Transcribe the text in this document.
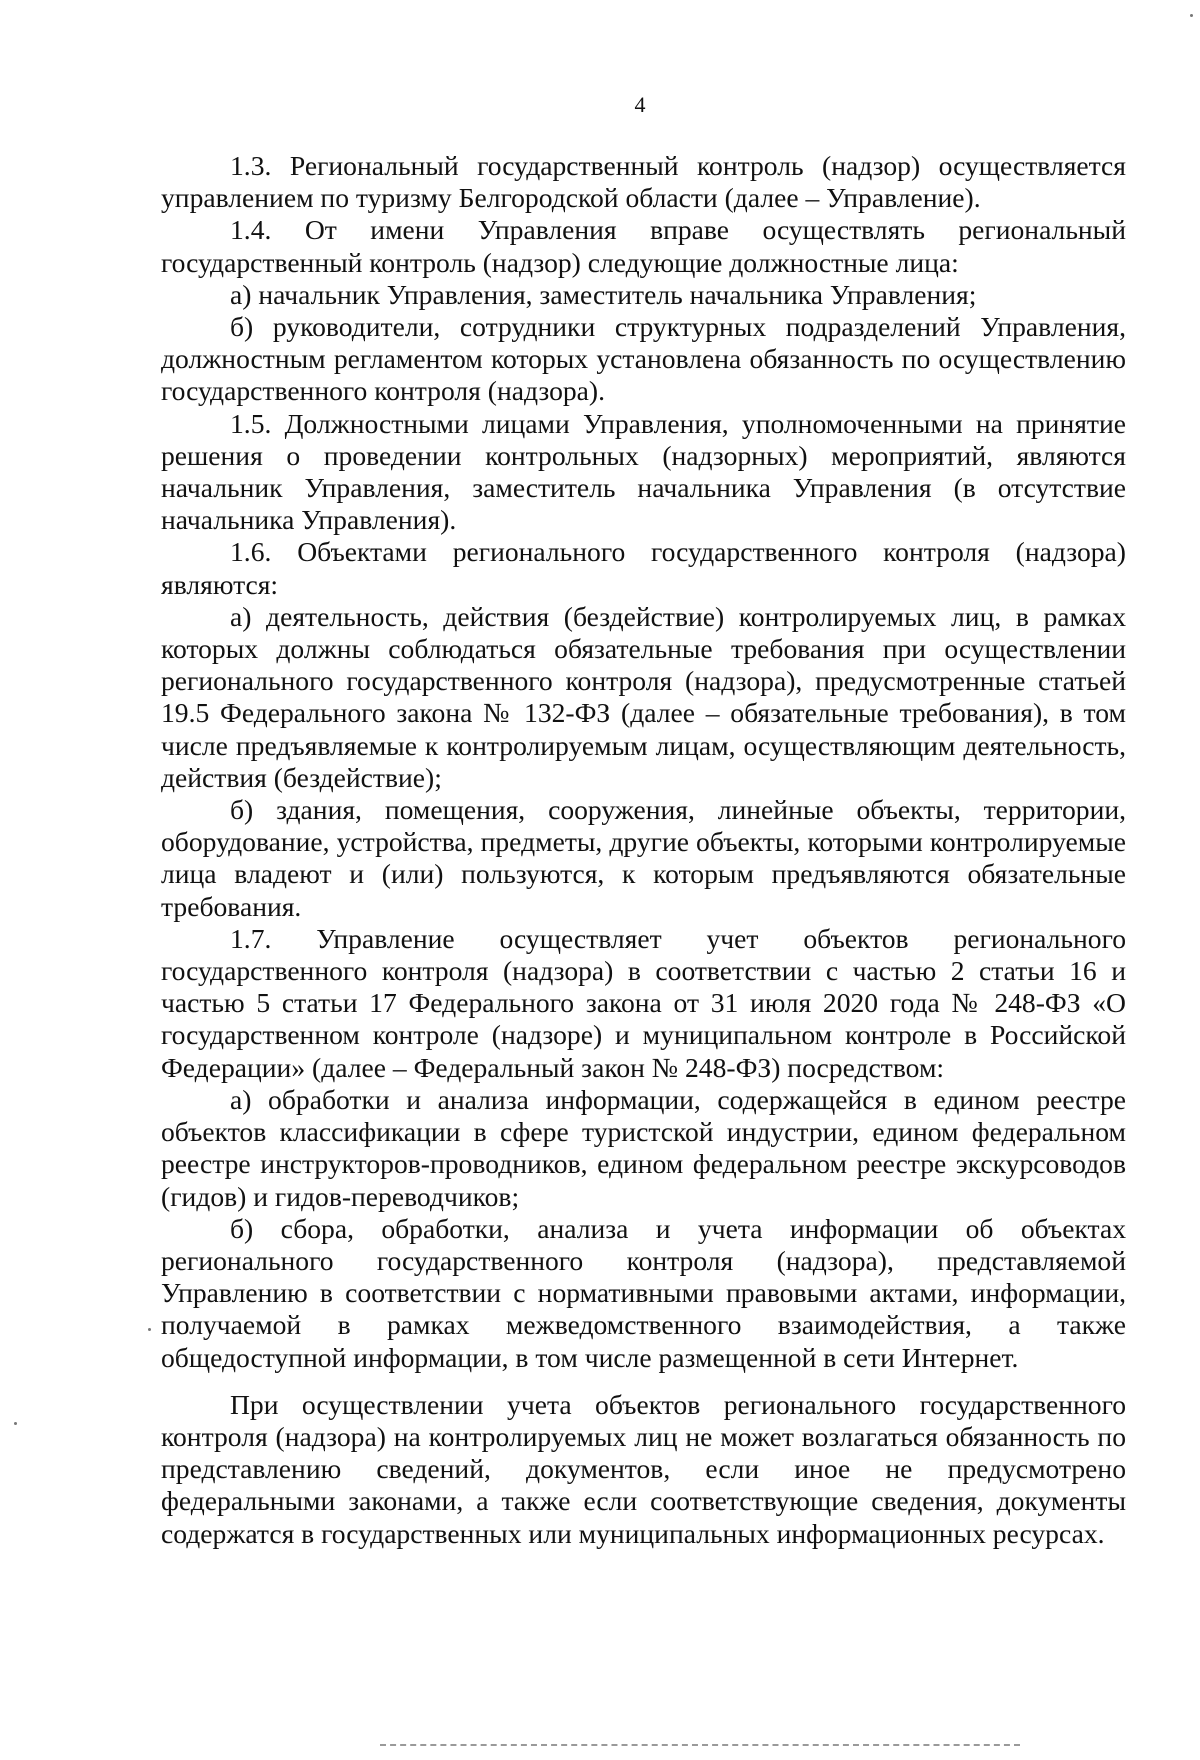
4

1.3. Региональный государственный контроль (надзор) осуществляется управлением по туризму Белгородской области (далее – Управление).

1.4. От имени Управления вправе осуществлять региональный государственный контроль (надзор) следующие должностные лица:

а) начальник Управления, заместитель начальника Управления;

б) руководители, сотрудники структурных подразделений Управления, должностным регламентом которых установлена обязанность по осуществлению государственного контроля (надзора).

1.5. Должностными лицами Управления, уполномоченными на принятие решения о проведении контрольных (надзорных) мероприятий, являются начальник Управления, заместитель начальника Управления (в отсутствие начальника Управления).

1.6. Объектами регионального государственного контроля (надзора) являются:

а) деятельность, действия (бездействие) контролируемых лиц, в рамках которых должны соблюдаться обязательные требования при осуществлении регионального государственного контроля (надзора), предусмотренные статьей 19.5 Федерального закона № 132-ФЗ (далее – обязательные требования), в том числе предъявляемые к контролируемым лицам, осуществляющим деятельность, действия (бездействие);

б) здания, помещения, сооружения, линейные объекты, территории, оборудование, устройства, предметы, другие объекты, которыми контролируемые лица владеют и (или) пользуются, к которым предъявляются обязательные требования.

1.7. Управление осуществляет учет объектов регионального государственного контроля (надзора) в соответствии с частью 2 статьи 16 и частью 5 статьи 17 Федерального закона от 31 июля 2020 года № 248-ФЗ «О государственном контроле (надзоре) и муниципальном контроле в Российской Федерации» (далее – Федеральный закон № 248-ФЗ) посредством:

а) обработки и анализа информации, содержащейся в едином реестре объектов классификации в сфере туристской индустрии, едином федеральном реестре инструкторов-проводников, едином федеральном реестре экскурсоводов (гидов) и гидов-переводчиков;

б) сбора, обработки, анализа и учета информации об объектах регионального государственного контроля (надзора), представляемой Управлению в соответствии с нормативными правовыми актами, информации, получаемой в рамках межведомственного взаимодействия, а также общедоступной информации, в том числе размещенной в сети Интернет.

При осуществлении учета объектов регионального государственного контроля (надзора) на контролируемых лиц не может возлагаться обязанность по представлению сведений, документов, если иное не предусмотрено федеральными законами, а также если соответствующие сведения, документы содержатся в государственных или муниципальных информационных ресурсах.
